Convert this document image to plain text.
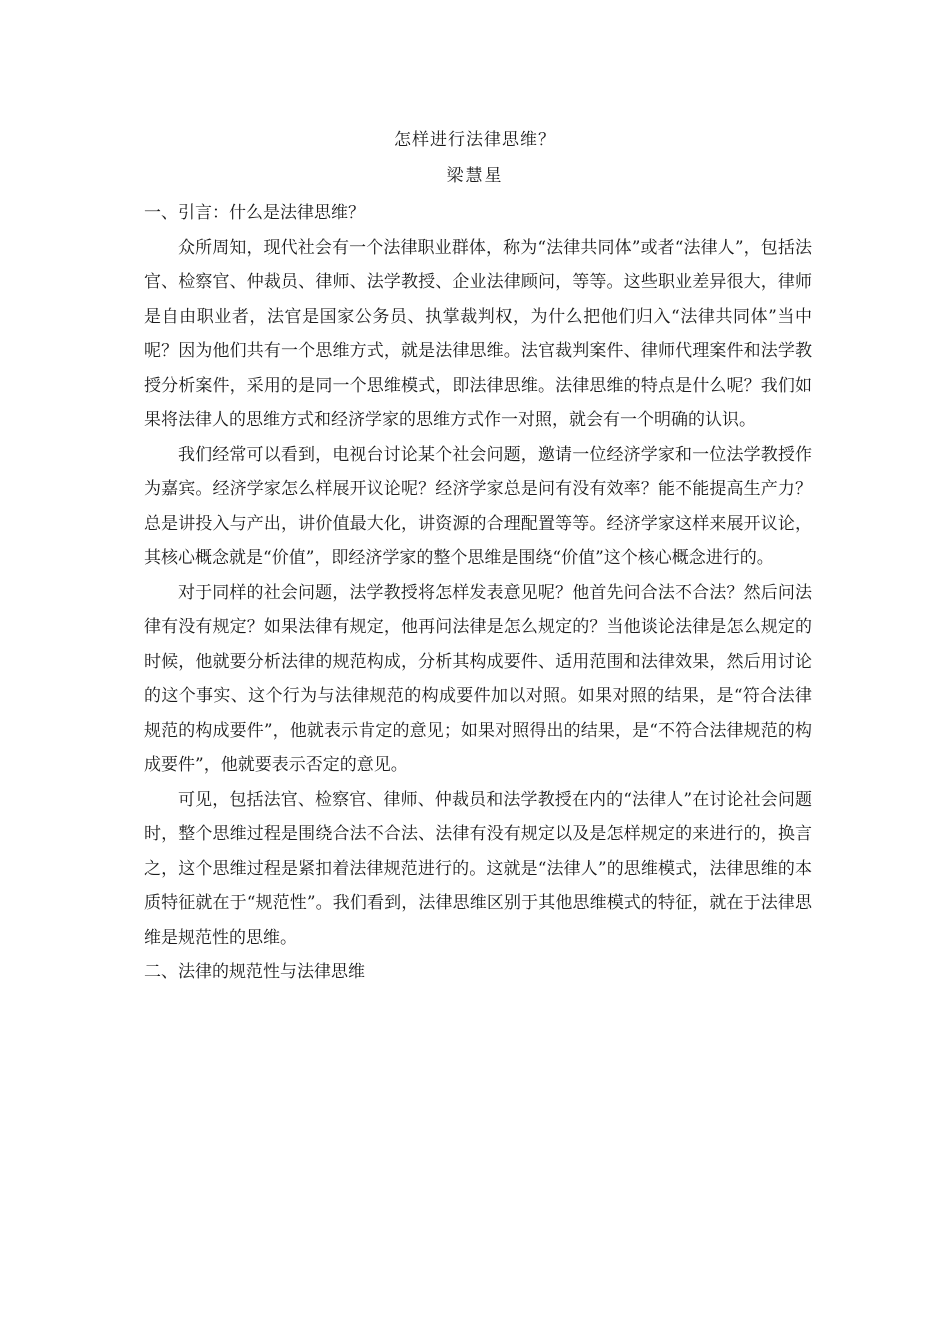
怎样进行法律思维？
梁慧星

一、引言：什么是法律思维？

众所周知，现代社会有一个法律职业群体，称为“法律共同体”或者“法律人”，包括法官、检察官、仲裁员、律师、法学教授、企业法律顾问，等等。这些职业差异很大，律师是自由职业者，法官是国家公务员、执掌裁判权，为什么把他们归入“法律共同体”当中呢？因为他们共有一个思维方式，就是法律思维。法官裁判案件、律师代理案件和法学教授分析案件，采用的是同一个思维模式，即法律思维。法律思维的特点是什么呢？我们如果将法律人的思维方式和经济学家的思维方式作一对照，就会有一个明确的认识。

我们经常可以看到，电视台讨论某个社会问题，邀请一位经济学家和一位法学教授作为嘉宾。经济学家怎么样展开议论呢？经济学家总是问有没有效率？能不能提高生产力？总是讲投入与产出，讲价值最大化，讲资源的合理配置等等。经济学家这样来展开议论，其核心概念就是“价值”，即经济学家的整个思维是围绕“价值”这个核心概念进行的。

对于同样的社会问题，法学教授将怎样发表意见呢？他首先问合法不合法？然后问法律有没有规定？如果法律有规定，他再问法律是怎么规定的？当他谈论法律是怎么规定的时候，他就要分析法律的规范构成，分析其构成要件、适用范围和法律效果，然后用讨论的这个事实、这个行为与法律规范的构成要件加以对照。如果对照的结果，是“符合法律规范的构成要件”，他就表示肯定的意见；如果对照得出的结果，是“不符合法律规范的构成要件”，他就要表示否定的意见。

可见，包括法官、检察官、律师、仲裁员和法学教授在内的“法律人”在讨论社会问题时，整个思维过程是围绕合法不合法、法律有没有规定以及是怎样规定的来进行的，换言之，这个思维过程是紧扣着法律规范进行的。这就是“法律人”的思维模式，法律思维的本质特征就在于“规范性”。我们看到，法律思维区别于其他思维模式的特征，就在于法律思维是规范性的思维。

二、法律的规范性与法律思维
